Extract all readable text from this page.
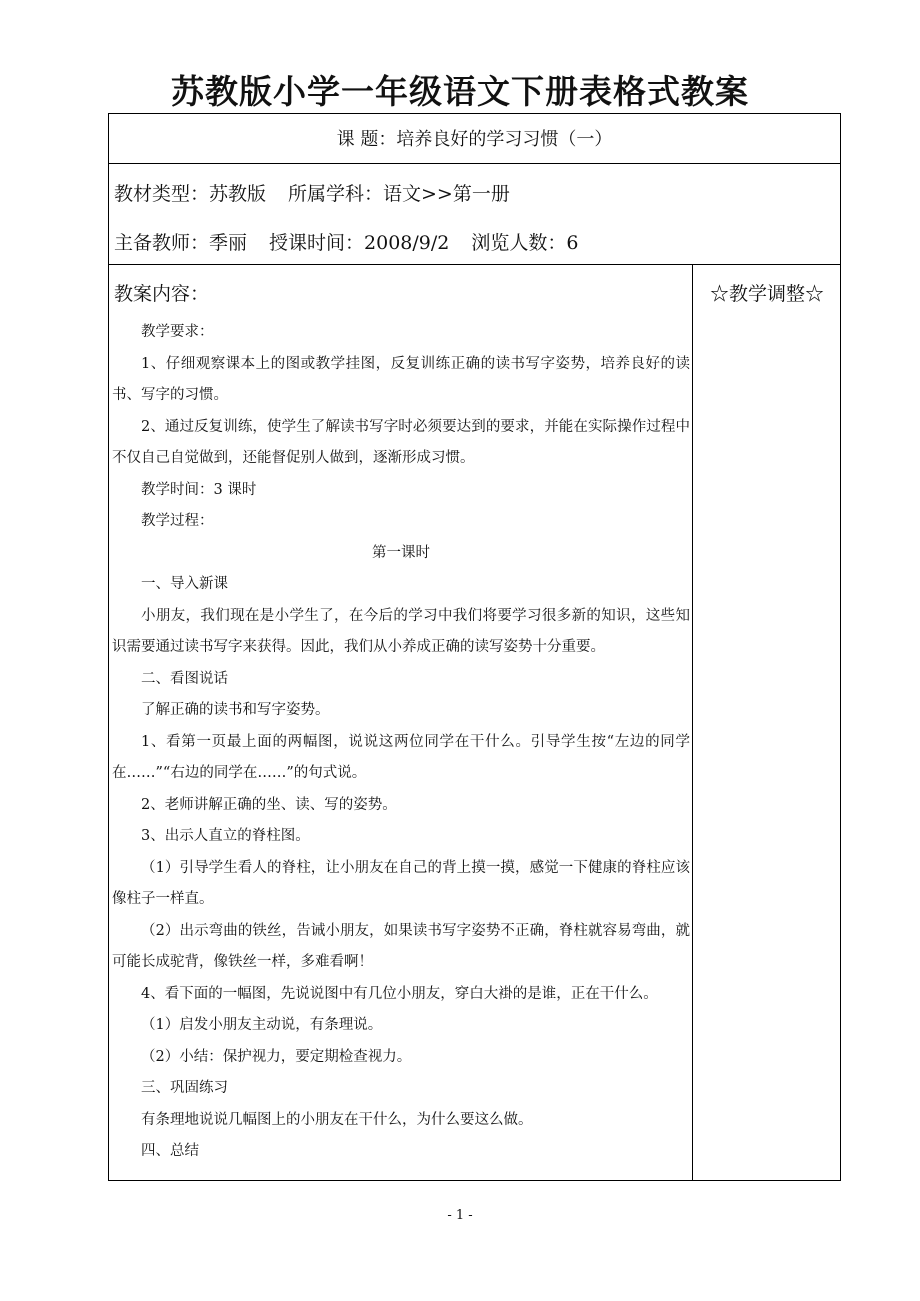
苏教版小学一年级语文下册表格式教案
课 题：培养良好的学习习惯（一）
教材类型：苏教版 所属学科：语文>>第一册
主备教师：季丽 授课时间：2008/9/2 浏览人数：6
教案内容：	☆教学调整☆

教学要求：

1、仔细观察课本上的图或教学挂图，反复训练正确的读书写字姿势，培养良好的读书、写字的习惯。

2、通过反复训练，使学生了解读书写字时必须要达到的要求，并能在实际操作过程中不仅自己自觉做到，还能督促别人做到，逐渐形成习惯。

教学时间：3 课时

教学过程：

第一课时

一、导入新课

小朋友，我们现在是小学生了，在今后的学习中我们将要学习很多新的知识，这些知识需要通过读书写字来获得。因此，我们从小养成正确的读写姿势十分重要。

二、看图说话

了解正确的读书和写字姿势。

1、看第一页最上面的两幅图，说说这两位同学在干什么。引导学生按“左边的同学在……”“右边的同学在……”的句式说。

2、老师讲解正确的坐、读、写的姿势。

3、出示人直立的脊柱图。

（1）引导学生看人的脊柱，让小朋友在自己的背上摸一摸，感觉一下健康的脊柱应该像柱子一样直。

（2）出示弯曲的铁丝，告诫小朋友，如果读书写字姿势不正确，脊柱就容易弯曲，就可能长成驼背，像铁丝一样，多难看啊！

4、看下面的一幅图，先说说图中有几位小朋友，穿白大褂的是谁，正在干什么。

（1）启发小朋友主动说，有条理说。

（2）小结：保护视力，要定期检查视力。

三、巩固练习

有条理地说说几幅图上的小朋友在干什么，为什么要这么做。

四、总结

- 1 -
